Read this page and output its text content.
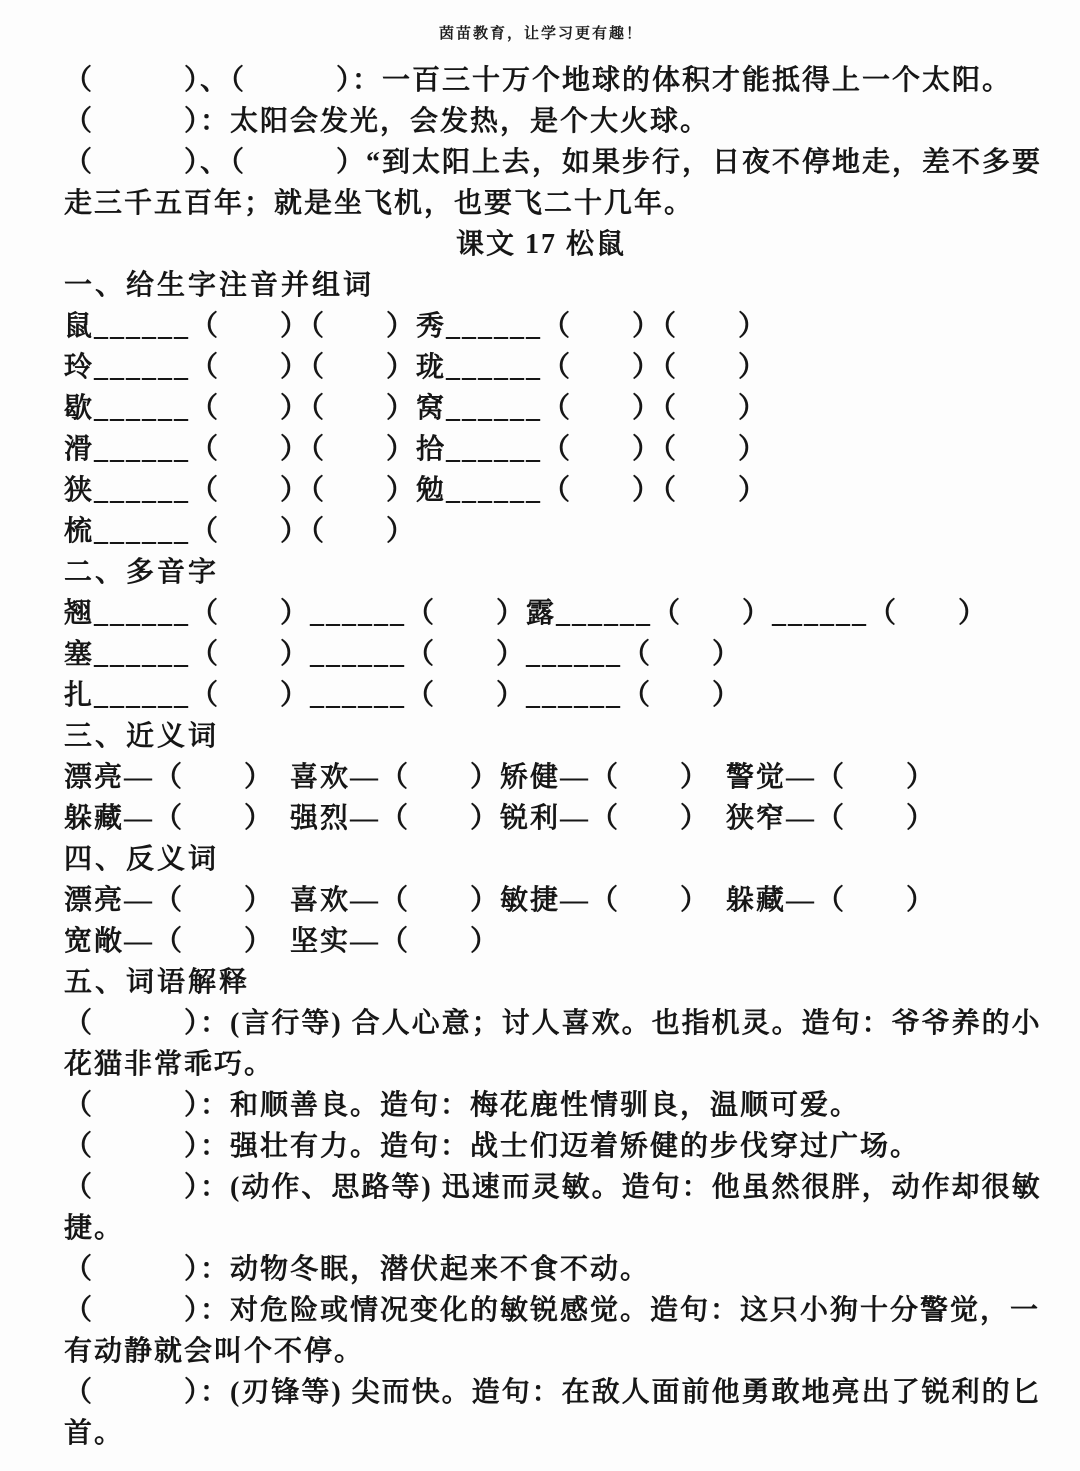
茵苗教育，让学习更有趣！
（　　　）、（　　　）：一百三十万个地球的体积才能抵得上一个太阳。
（　　　）：太阳会发光，会发热，是个大火球。
（　　　）、（　　　）“到太阳上去，如果步行，日夜不停地走，差不多要
走三千五百年；就是坐飞机，也要飞二十几年。
课文 17 松鼠
一、给生字注音并组词
鼠______（　　）（　　）秀______（　　）（　　）
玲______（　　）（　　）珑______（　　）（　　）
歇______（　　）（　　）窝______（　　）（　　）
滑______（　　）（　　）拾______（　　）（　　）
狭______（　　）（　　）勉______（　　）（　　）
梳______（　　）（　　）
二、多音字
翘______（　　）______（　　）露______（　　）______（　　）
塞______（　　）______（　　）______（　　）
扎______（　　）______（　　）______（　　）
三、近义词
漂亮—（　　）　喜欢—（　　）矫健—（　　）　警觉—（　　）
躲藏—（　　）　强烈—（　　）锐利—（　　）　狭窄—（　　）
四、反义词
漂亮—（　　）　喜欢—（　　）敏捷—（　　）　躲藏—（　　）
宽敞—（　　）　坚实—（　　）
五、词语解释
（　　　）：(言行等) 合人心意；讨人喜欢。也指机灵。造句：爷爷养的小
花猫非常乖巧。
（　　　）：和顺善良。造句：梅花鹿性情驯良，温顺可爱。
（　　　）：强壮有力。造句：战士们迈着矫健的步伐穿过广场。
（　　　）：(动作、思路等) 迅速而灵敏。造句：他虽然很胖，动作却很敏
捷。
（　　　）：动物冬眠，潜伏起来不食不动。
（　　　）：对危险或情况变化的敏锐感觉。造句：这只小狗十分警觉，一
有动静就会叫个不停。
（　　　）：(刃锋等) 尖而快。造句：在敌人面前他勇敢地亮出了锐利的匕
首。
